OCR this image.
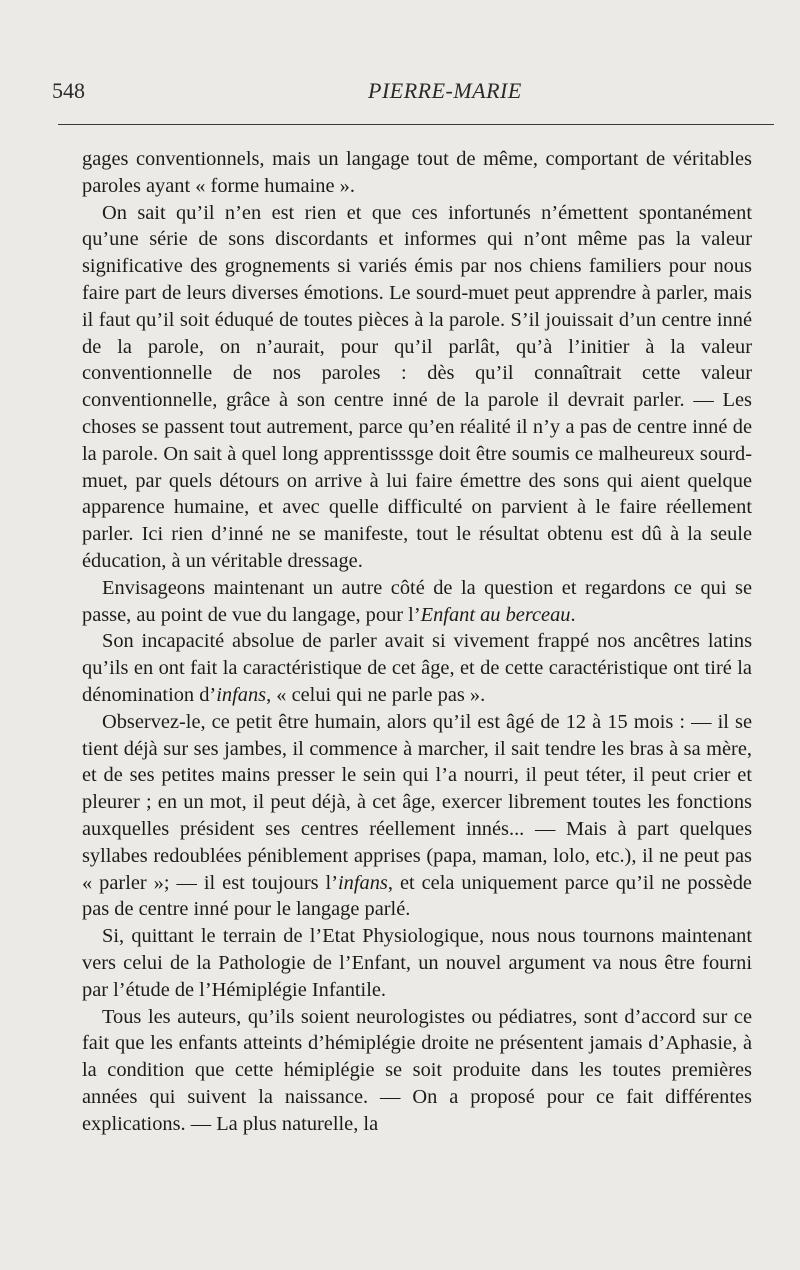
548	PIERRE-MARIE

gages conventionnels, mais un langage tout de même, comportant de véritables paroles ayant « forme humaine ».

On sait qu’il n’en est rien et que ces infortunés n’émettent spontanément qu’une série de sons discordants et informes qui n’ont même pas la valeur significative des grognements si variés émis par nos chiens familiers pour nous faire part de leurs diverses émotions. Le sourd-muet peut apprendre à parler, mais il faut qu’il soit éduqué de toutes pièces à la parole. S’il jouissait d’un centre inné de la parole, on n’aurait, pour qu’il parlât, qu’à l’initier à la valeur conventionnelle de nos paroles : dès qu’il connaîtrait cette valeur conventionnelle, grâce à son centre inné de la parole il devrait parler. — Les choses se passent tout autrement, parce qu’en réalité il n’y a pas de centre inné de la parole. On sait à quel long apprentisssge doit être soumis ce malheureux sourd-muet, par quels détours on arrive à lui faire émettre des sons qui aient quelque apparence humaine, et avec quelle difficulté on parvient à le faire réellement parler. Ici rien d’inné ne se manifeste, tout le résultat obtenu est dû à la seule éducation, à un véritable dressage.

Envisageons maintenant un autre côté de la question et regardons ce qui se passe, au point de vue du langage, pour l’Enfant au berceau.

Son incapacité absolue de parler avait si vivement frappé nos ancêtres latins qu’ils en ont fait la caractéristique de cet âge, et de cette caractéristique ont tiré la dénomination d’infans, « celui qui ne parle pas ».

Observez-le, ce petit être humain, alors qu’il est âgé de 12 à 15 mois : — il se tient déjà sur ses jambes, il commence à marcher, il sait tendre les bras à sa mère, et de ses petites mains presser le sein qui l’a nourri, il peut téter, il peut crier et pleurer ; en un mot, il peut déjà, à cet âge, exercer librement toutes les fonctions auxquelles président ses centres réellement innés... — Mais à part quelques syllabes redoublées péniblement apprises (papa, maman, lolo, etc.), il ne peut pas « parler »; — il est toujours l’infans, et cela uniquement parce qu’il ne possède pas de centre inné pour le langage parlé.

Si, quittant le terrain de l’Etat Physiologique, nous nous tournons maintenant vers celui de la Pathologie de l’Enfant, un nouvel argument va nous être fourni par l’étude de l’Hémiplégie Infantile.

Tous les auteurs, qu’ils soient neurologistes ou pédiatres, sont d’accord sur ce fait que les enfants atteints d’hémiplégie droite ne présentent jamais d’Aphasie, à la condition que cette hémiplégie se soit produite dans les toutes premières années qui suivent la naissance. — On a proposé pour ce fait différentes explications. — La plus naturelle, la
